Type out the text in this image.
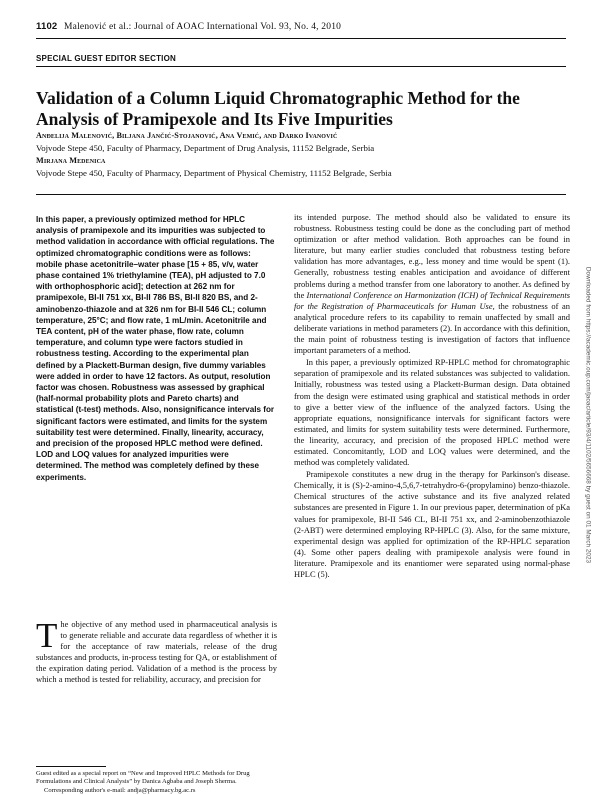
1102 Malenović et al.: Journal of AOAC International Vol. 93, No. 4, 2010
SPECIAL GUEST EDITOR SECTION
Validation of a Column Liquid Chromatographic Method for the Analysis of Pramipexole and Its Five Impurities
Anđelija Malenović, Biljana Jančić-Stojanović, Ana Vemić, and Darko Ivanović
Vojvode Stepe 450, Faculty of Pharmacy, Department of Drug Analysis, 11152 Belgrade, Serbia
Mirjana Medenica
Vojvode Stepe 450, Faculty of Pharmacy, Department of Physical Chemistry, 11152 Belgrade, Serbia
In this paper, a previously optimized method for HPLC analysis of pramipexole and its impurities was subjected to method validation in accordance with official regulations. The optimized chromatographic conditions were as follows: mobile phase acetonitrile–water phase [15 + 85, v/v, water phase contained 1% triethylamine (TEA), pH adjusted to 7.0 with orthophosphoric acid]; detection at 262 nm for pramipexole, BI-II 751 xx, BI-II 786 BS, BI-II 820 BS, and 2-aminobenzo-thiazole and at 326 nm for BI-II 546 CL; column temperature, 25°C; and flow rate, 1 mL/min. Acetonitrile and TEA content, pH of the water phase, flow rate, column temperature, and column type were factors studied in robustness testing. According to the experimental plan defined by a Plackett-Burman design, five dummy variables were added in order to have 12 factors. As output, resolution factor was chosen. Robustness was assessed by graphical (half-normal probability plots and Pareto charts) and statistical (t-test) methods. Also, nonsignificance intervals for significant factors were estimated, and limits for the system suitability test were determined. Finally, linearity, accuracy, and precision of the proposed HPLC method were defined. LOD and LOQ values for analyzed impurities were determined. The method was completely defined by these experiments.

The objective of any method used in pharmaceutical analysis is to generate reliable and accurate data regardless of whether it is for the acceptance of raw materials, release of the drug substances and products, in-process testing for QA, or establishment of the expiration dating period. Validation of a method is the process by which a method is tested for reliability, accuracy, and precision for

Guest edited as a special report on “New and Improved HPLC Methods for Drug Formulations and Clinical Analysis” by Danica Agbaba and Joseph Sherma.
Corresponding author's e-mail: andja@pharmacy.bg.ac.rs

its intended purpose. The method should also be validated to ensure its robustness. Robustness testing could be done as the concluding part of method optimization or after method validation. Both approaches can be found in literature, but many earlier studies concluded that robustness testing before validation has more advantages, e.g., less money and time would be spent (1). Generally, robustness testing enables anticipation and avoidance of different problems during a method transfer from one laboratory to another. As defined by the International Conference on Harmonization (ICH) of Technical Requirements for the Registration of Pharmaceuticals for Human Use, the robustness of an analytical procedure refers to its capability to remain unaffected by small and deliberate variations in method parameters (2). In accordance with this definition, the main point of robustness testing is investigation of factors that influence important parameters of a method.

In this paper, a previously optimized RP-HPLC method for chromatographic separation of pramipexole and its related substances was subjected to validation. Initially, robustness was tested using a Plackett-Burman design. Data obtained from the design were estimated using graphical and statistical methods in order to give a better view of the influence of the analyzed factors. Using the appropriate equations, nonsignificance intervals for significant factors were estimated, and limits for system suitability tests were determined. Furthermore, the linearity, accuracy, and precision of the proposed HPLC method were estimated. Concomitantly, LOD and LOQ values were determined, and the method was completely validated.

Pramipexole constitutes a new drug in the therapy for Parkinson's disease. Chemically, it is (S)-2-amino-4,5,6,7-tetrahydro-6-(propylamino) benzo-thiazole. Chemical structures of the active substance and its five analyzed related substances are presented in Figure 1. In our previous paper, determination of pKa values for pramipexole, BI-II 546 CL, BI-II 751 xx, and 2-aminobenzothiazole (2-ABT) were determined employing RP-HPLC (3). Also, for the same mixture, experimental design was applied for optimization of the RP-HPLC separation (4). Some other papers dealing with pramipexole analysis were found in literature. Pramipexole and its enantiomer were separated using normal-phase HPLC (5).

Downloaded from https://academic.oup.com/jaoac/article/93/4/1102/5656668 by guest on 01 March 2023
